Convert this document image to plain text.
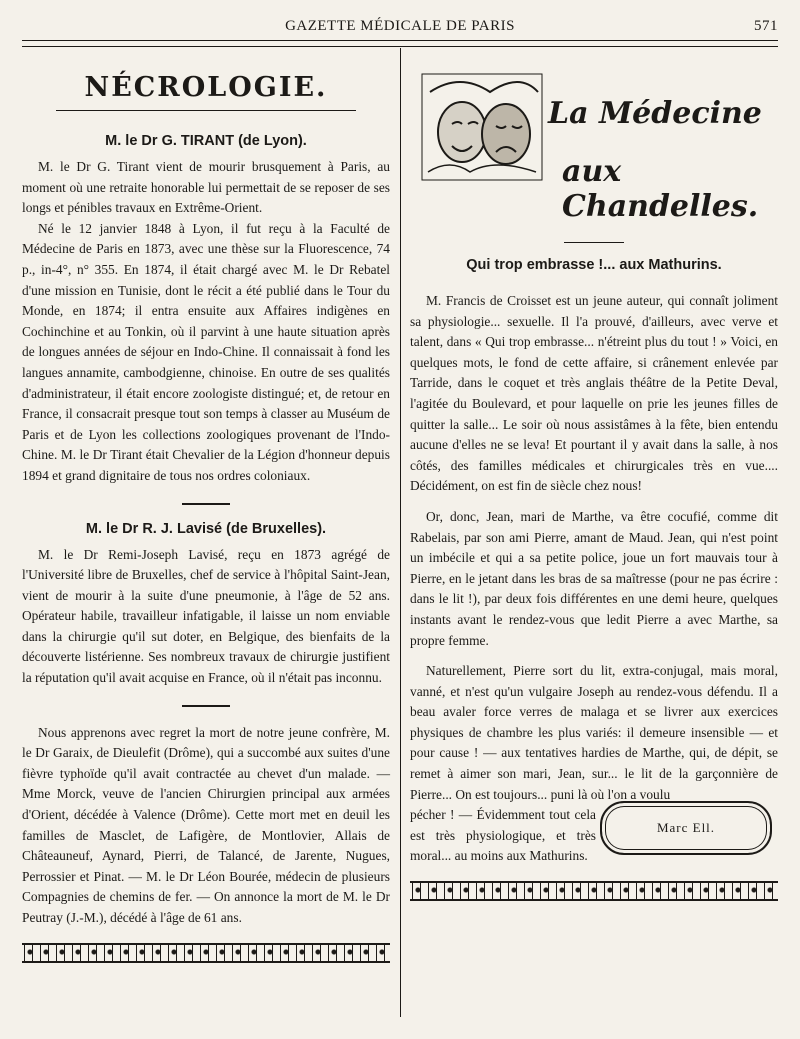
GAZETTE MÉDICALE DE PARIS	571
NÉCROLOGIE.
M. le Dr G. TIRANT (de Lyon).

M. le Dr G. Tirant vient de mourir brusquement à Paris, au moment où une retraite honorable lui permettait de se reposer de ses longs et pénibles travaux en Extrême-Orient.

Né le 12 janvier 1848 à Lyon, il fut reçu à la Faculté de Médecine de Paris en 1873, avec une thèse sur la Fluorescence, 74 p., in-4°, n° 355. En 1874, il était chargé avec M. le Dr Rebatel d'une mission en Tunisie, dont le récit a été publié dans le Tour du Monde, en 1874; il entra ensuite aux Affaires indigènes en Cochinchine et au Tonkin, où il parvint à une haute situation après de longues années de séjour en Indo-Chine. Il connaissait à fond les langues annamite, cambodgienne, chinoise. En outre de ses qualités d'administrateur, il était encore zoologiste distingué; et, de retour en France, il consacrait presque tout son temps à classer au Muséum de Paris et de Lyon les collections zoologiques provenant de l'Indo-Chine. M. le Dr Tirant était Chevalier de la Légion d'honneur depuis 1894 et grand dignitaire de tous nos ordres coloniaux.

M. le Dr R. J. Lavisé (de Bruxelles).

M. le Dr Remi-Joseph Lavisé, reçu en 1873 agrégé de l'Université libre de Bruxelles, chef de service à l'hôpital Saint-Jean, vient de mourir à la suite d'une pneumonie, à l'âge de 52 ans. Opérateur habile, travailleur infatigable, il laisse un nom enviable dans la chirurgie qu'il sut doter, en Belgique, des bienfaits de la découverte listérienne. Ses nombreux travaux de chirurgie justifient la réputation qu'il avait acquise en France, où il n'était pas inconnu.

Nous apprenons avec regret la mort de notre jeune confrère, M. le Dr Garaix, de Dieulefit (Drôme), qui a succombé aux suites d'une fièvre typhoïde qu'il avait contractée au chevet d'un malade. — Mme Morck, veuve de l'ancien Chirurgien principal aux armées d'Orient, décédée à Valence (Drôme). Cette mort met en deuil les familles de Masclet, de Lafigère, de Montlovier, Allais de Châteauneuf, Aynard, Pierri, de Talancé, de Jarente, Nugues, Perrossier et Pinat. — M. le Dr Léon Bourée, médecin de plusieurs Compagnies de chemins de fer. — On annonce la mort de M. le Dr Peutray (J.-M.), décédé à l'âge de 61 ans.

La Médecine
aux Chandelles.
Qui trop embrasse !... aux Mathurins.

M. Francis de Croisset est un jeune auteur, qui connaît joliment sa physiologie... sexuelle. Il l'a prouvé, d'ailleurs, avec verve et talent, dans « Qui trop embrasse... n'étreint plus du tout ! » Voici, en quelques mots, le fond de cette affaire, si crânement enlevée par Tarride, dans le coquet et très anglais théâtre de la Petite Deval, l'agitée du Boulevard, et pour laquelle on prie les jeunes filles de quitter la salle... Le soir où nous assistâmes à la fête, bien entendu aucune d'elles ne se leva! Et pourtant il y avait dans la salle, à nos côtés, des familles médicales et chirurgicales très en vue.... Décidément, on est fin de siècle chez nous!

Or, donc, Jean, mari de Marthe, va être cocufié, comme dit Rabelais, par son ami Pierre, amant de Maud. Jean, qui n'est point un imbécile et qui a sa petite police, joue un fort mauvais tour à Pierre, en le jetant dans les bras de sa maîtresse (pour ne pas écrire : dans le lit !), par deux fois différentes en une demi heure, quelques instants avant le rendez-vous que ledit Pierre a avec Marthe, sa propre femme.

Naturellement, Pierre sort du lit, extra-conjugal, mais moral, vanné, et n'est qu'un vulgaire Joseph au rendez-vous défendu. Il a beau avaler force verres de malaga et se livrer aux exercices physiques de chambre les plus variés: il demeure insensible — et pour cause ! — aux tentatives hardies de Marthe, qui, de dépit, se remet à aimer son mari, Jean, sur... le lit de la garçonnière de Pierre... On est toujours... puni là où l'on a voulu

pécher ! — Évidemment tout cela est très physiologique, et très moral... au moins aux Mathurins.

Marc Ell.
